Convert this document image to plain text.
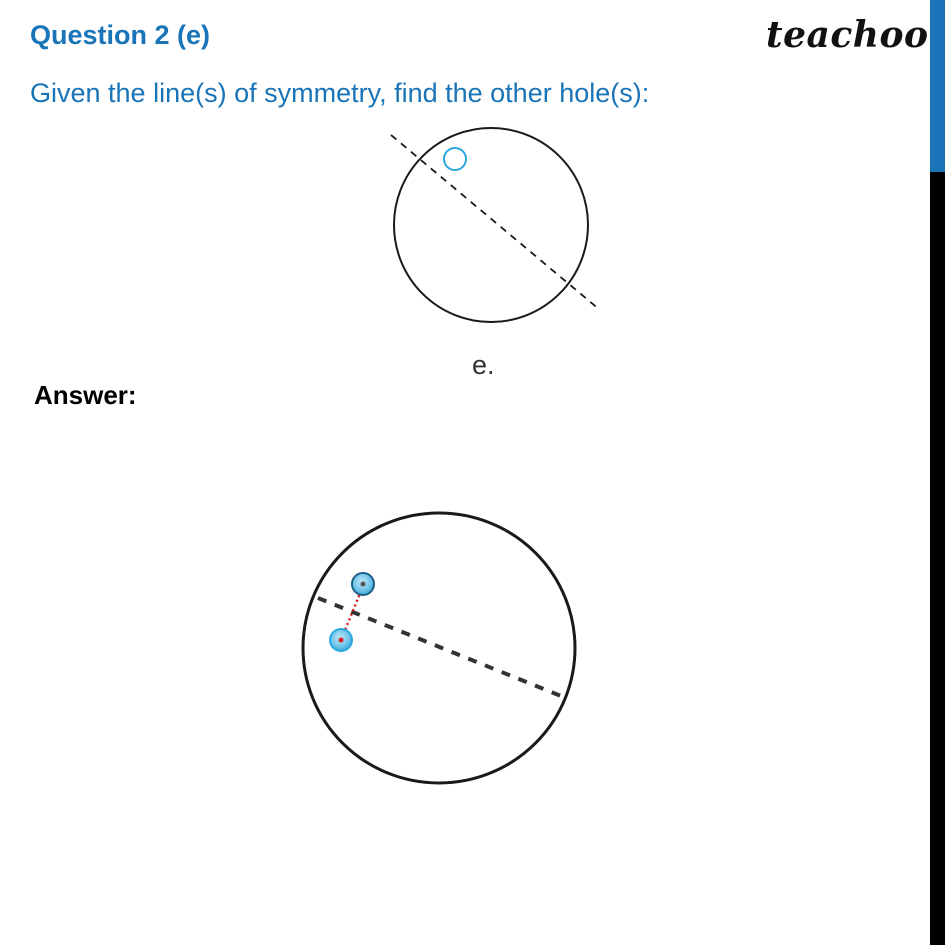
Question 2 (e)	teachoo
Given the line(s) of symmetry, find the other hole(s):
e.
Answer:
